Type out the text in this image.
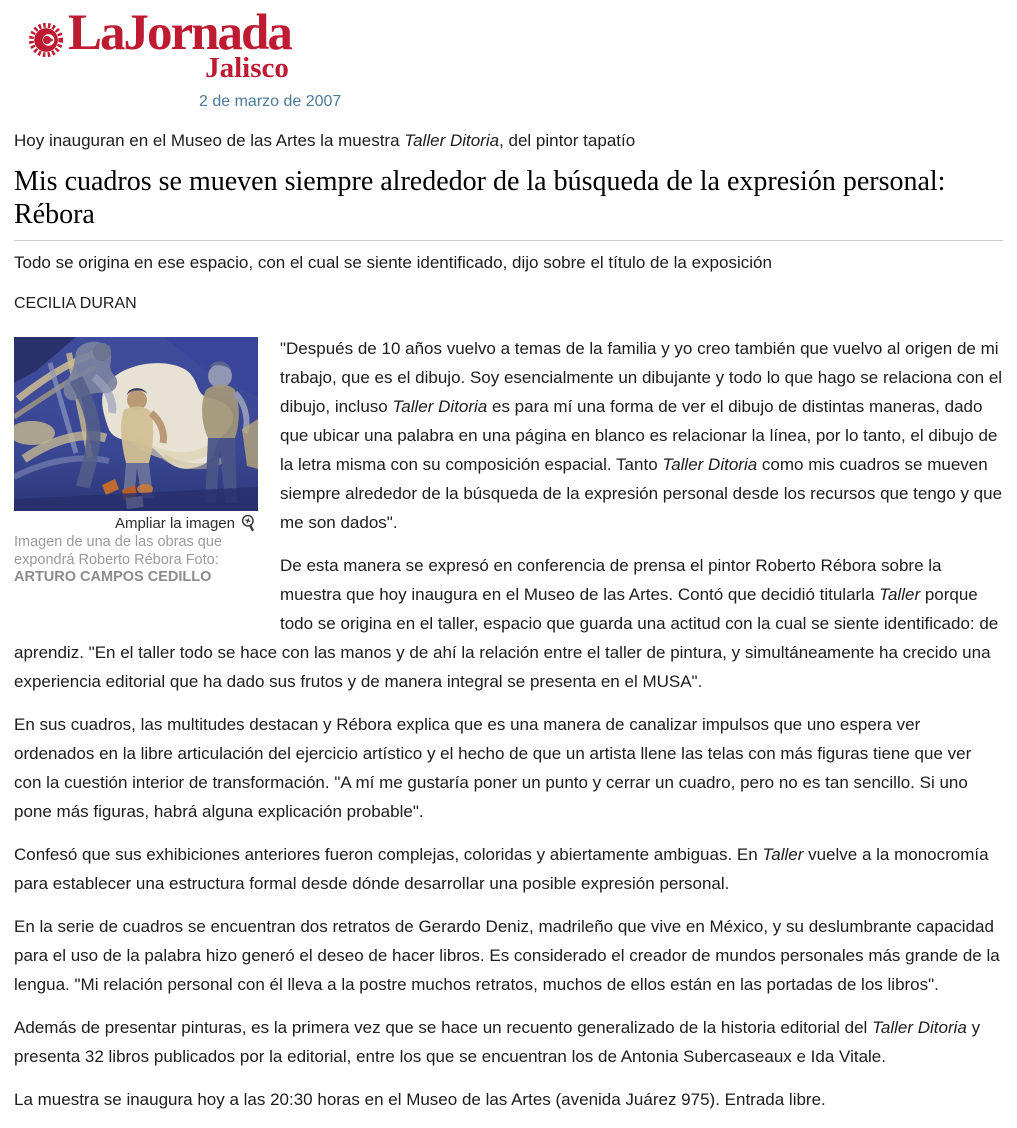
LaJornada
Jalisco
2 de marzo de 2007

Hoy inauguran en el Museo de las Artes la muestra Taller Ditoria, del pintor tapatío

Mis cuadros se mueven siempre alrededor de la búsqueda de la expresión personal: Rébora

Todo se origina en ese espacio, con el cual se siente identificado, dijo sobre el título de la exposición

CECILIA DURAN

Ampliar la imagen
Imagen de una de las obras que expondrá Roberto Rébora Foto: ARTURO CAMPOS CEDILLO

"Después de 10 años vuelvo a temas de la familia y yo creo también que vuelvo al origen de mi trabajo, que es el dibujo. Soy esencialmente un dibujante y todo lo que hago se relaciona con el dibujo, incluso Taller Ditoria es para mí una forma de ver el dibujo de distintas maneras, dado que ubicar una palabra en una página en blanco es relacionar la línea, por lo tanto, el dibujo de la letra misma con su composición espacial. Tanto Taller Ditoria como mis cuadros se mueven siempre alrededor de la búsqueda de la expresión personal desde los recursos que tengo y que me son dados".

De esta manera se expresó en conferencia de prensa el pintor Roberto Rébora sobre la muestra que hoy inaugura en el Museo de las Artes. Contó que decidió titularla Taller porque todo se origina en el taller, espacio que guarda una actitud con la cual se siente identificado: de aprendiz. "En el taller todo se hace con las manos y de ahí la relación entre el taller de pintura, y simultáneamente ha crecido una experiencia editorial que ha dado sus frutos y de manera integral se presenta en el MUSA".

En sus cuadros, las multitudes destacan y Rébora explica que es una manera de canalizar impulsos que uno espera ver ordenados en la libre articulación del ejercicio artístico y el hecho de que un artista llene las telas con más figuras tiene que ver con la cuestión interior de transformación. "A mí me gustaría poner un punto y cerrar un cuadro, pero no es tan sencillo. Si uno pone más figuras, habrá alguna explicación probable".

Confesó que sus exhibiciones anteriores fueron complejas, coloridas y abiertamente ambiguas. En Taller vuelve a la monocromía para establecer una estructura formal desde dónde desarrollar una posible expresión personal.

En la serie de cuadros se encuentran dos retratos de Gerardo Deniz, madrileño que vive en México, y su deslumbrante capacidad para el uso de la palabra hizo generó el deseo de hacer libros. Es considerado el creador de mundos personales más grande de la lengua. "Mi relación personal con él lleva a la postre muchos retratos, muchos de ellos están en las portadas de los libros".

Además de presentar pinturas, es la primera vez que se hace un recuento generalizado de la historia editorial del Taller Ditoria y presenta 32 libros publicados por la editorial, entre los que se encuentran los de Antonia Subercaseaux e Ida Vitale.

La muestra se inaugura hoy a las 20:30 horas en el Museo de las Artes (avenida Juárez 975). Entrada libre.
